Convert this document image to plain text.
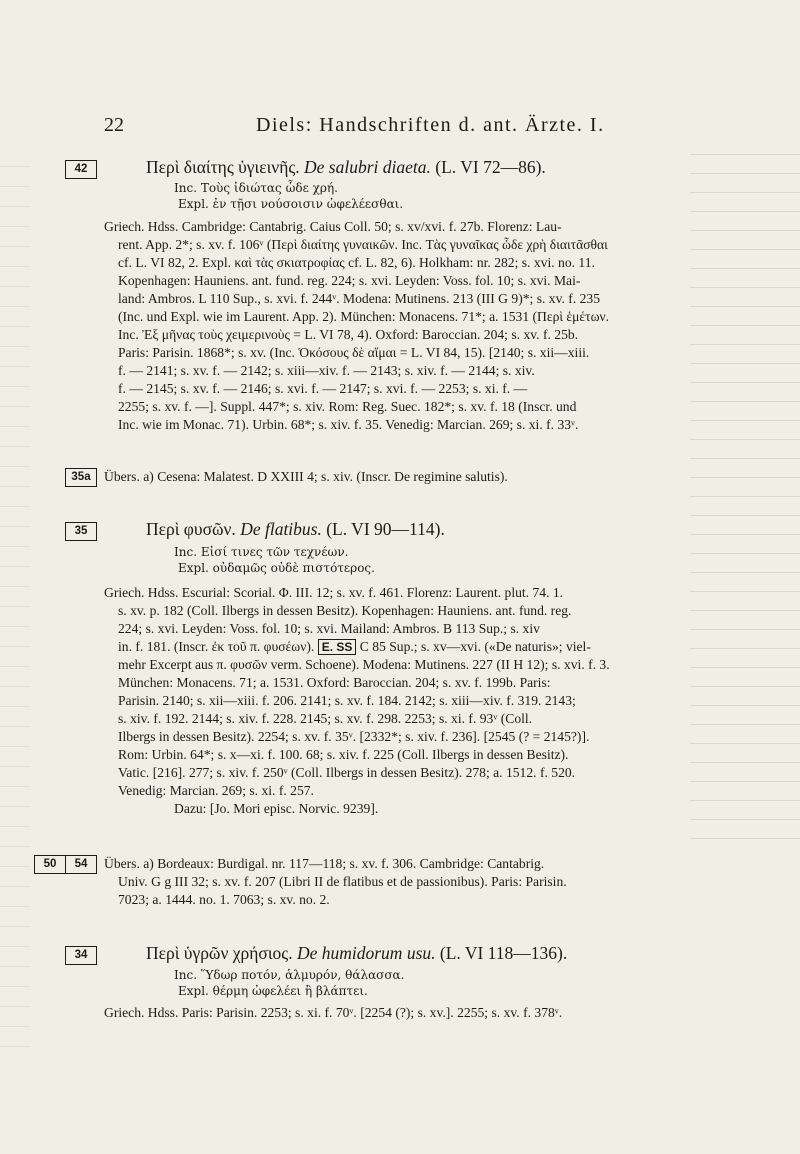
22	Diels: Handschriften d. ant. Ärzte. I.
42	Περὶ διαίτης ὑγιεινῆς. De salubri diaeta. (L. VI 72—86).
Inc. Τοὺς ἰδιώτας ὧδε χρή.
Expl. ἐν τῇσι νούσοισιν ὠφελέεσθαι.
Griech. Hdss. Cambridge: Cantabrig. Caius Coll. 50; s. xv/xvi. f. 27b. Florenz: Lau-
rent. App. 2*; s. xv. f. 106ᵛ (Περὶ διαίτης γυναικῶν. Inc. Τὰς γυναῖκας ὧδε χρὴ διαιτᾶσθαι
cf. L. VI 82, 2. Expl. καὶ τὰς σκιατροφίας cf. L. 82, 6). Holkham: nr. 282; s. xvi. no. 11.
Kopenhagen: Hauniens. ant. fund. reg. 224; s. xvi. Leyden: Voss. fol. 10; s. xvi. Mai-
land: Ambros. L 110 Sup., s. xvi. f. 244ᵛ. Modena: Mutinens. 213 (III G 9)*; s. xv. f. 235
(Inc. und Expl. wie im Laurent. App. 2). München: Monacens. 71*; a. 1531 (Περὶ ἑμέτων.
Inc. Ἐξ μῆνας τοὺς χειμερινοὺς = L. VI 78, 4). Oxford: Baroccian. 204; s. xv. f. 25b.
Paris: Parisin. 1868*; s. xv. (Inc. Ὁκόσους δὲ αἵμαι = L. VI 84, 15). [2140; s. xii—xiii.
f. — 2141; s. xv. f. — 2142; s. xiii—xiv. f. — 2143; s. xiv. f. — 2144; s. xiv.
f. — 2145; s. xv. f. — 2146; s. xvi. f. — 2147; s. xvi. f. — 2253; s. xi. f. —
2255; s. xv. f. —]. Suppl. 447*; s. xiv. Rom: Reg. Suec. 182*; s. xv. f. 18 (Inscr. und
Inc. wie im Monac. 71). Urbin. 68*; s. xiv. f. 35. Venedig: Marcian. 269; s. xi. f. 33ᵛ.
35a Übers. a) Cesena: Malatest. D XXIII 4; s. xiv. (Inscr. De regimine salutis).
35	Περὶ φυσῶν. De flatibus. (L. VI 90—114).
Inc. Εἰσί τινες τῶν τεχνέων.
Expl. οὐδαμῶς οὐδὲ πιστότερος.
Griech. Hdss. Escurial: Scorial. Φ. III. 12; s. xv. f. 461. Florenz: Laurent. plut. 74. 1.
s. xv. p. 182 (Coll. Ilbergs in dessen Besitz). Kopenhagen: Hauniens. ant. fund. reg.
224; s. xvi. Leyden: Voss. fol. 10; s. xvi. Mailand: Ambros. B 113 Sup.; s. xiv
in. f. 181. (Inscr. ἐκ τοῦ π. φυσέων). E. SS C 85 Sup.; s. xv—xvi. («De naturis»; viel-
mehr Excerpt aus π. φυσῶν verm. Schoene). Modena: Mutinens. 227 (II H 12); s. xvi. f. 3.
München: Monacens. 71; a. 1531. Oxford: Baroccian. 204; s. xv. f. 199b. Paris:
Parisin. 2140; s. xii—xiii. f. 206. 2141; s. xv. f. 184. 2142; s. xiii—xiv. f. 319. 2143;
s. xiv. f. 192. 2144; s. xiv. f. 228. 2145; s. xv. f. 298. 2253; s. xi. f. 93ᵛ (Coll.
Ilbergs in dessen Besitz). 2254; s. xv. f. 35ᵛ. [2332*; s. xiv. f. 236]. [2545 (? = 2145?)].
Rom: Urbin. 64*; s. x—xi. f. 100. 68; s. xiv. f. 225 (Coll. Ilbergs in dessen Besitz).
Vatic. [216]. 277; s. xiv. f. 250ᵛ (Coll. Ilbergs in dessen Besitz). 278; a. 1512. f. 520.
Venedig: Marcian. 269; s. xi. f. 257.
Dazu: [Jo. Mori episc. Norvic. 9239].
50	54	Übers. a) Bordeaux: Burdigal. nr. 117—118; s. xv. f. 306. Cambridge: Cantabrig.
Univ. G g III 32; s. xv. f. 207 (Libri II de flatibus et de passionibus). Paris: Parisin.
7023; a. 1444. no. 1. 7063; s. xv. no. 2.
34	Περὶ ὑγρῶν χρήσιος. De humidorum usu. (L. VI 118—136).
Inc. Ὕδωρ ποτόν, ἁλμυρόν, θάλασσα.
Expl. θέρμη ὠφελέει ἢ βλάπτει.
Griech. Hdss. Paris: Parisin. 2253; s. xi. f. 70ᵛ. [2254 (?); s. xv.]. 2255; s. xv. f. 378ᵛ.
